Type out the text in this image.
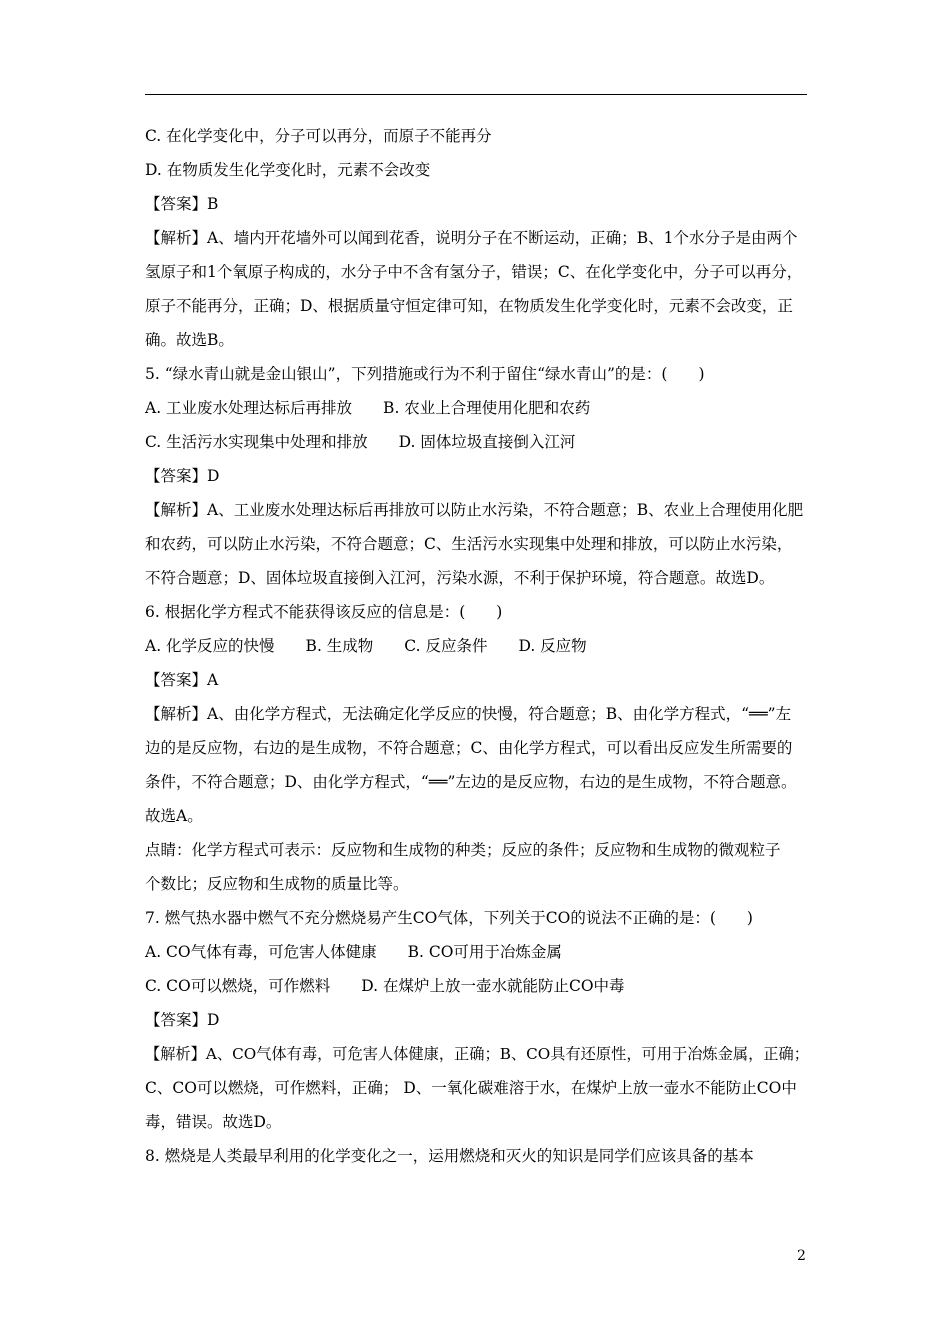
C. 在化学变化中，分子可以再分，而原子不能再分
D. 在物质发生化学变化时，元素不会改变
【答案】B
【解析】A、墙内开花墙外可以闻到花香，说明分子在不断运动，正确；B、1个水分子是由两个
氢原子和1个氧原子构成的，水分子中不含有氢分子，错误；C、在化学变化中，分子可以再分，
原子不能再分，正确；D、根据质量守恒定律可知，在物质发生化学变化时，元素不会改变，正
确。故选B。
5. “绿水青山就是金山银山”，下列措施或行为不利于留住“绿水青山”的是：(　　)
A. 工业废水处理达标后再排放　　B. 农业上合理使用化肥和农药
C. 生活污水实现集中处理和排放　　D. 固体垃圾直接倒入江河
【答案】D
【解析】A、工业废水处理达标后再排放可以防止水污染，不符合题意；B、农业上合理使用化肥
和农药，可以防止水污染，不符合题意；C、生活污水实现集中处理和排放，可以防止水污染，
不符合题意；D、固体垃圾直接倒入江河，污染水源，不利于保护环境，符合题意。故选D。
6. 根据化学方程式不能获得该反应的信息是：(　　)
A. 化学反应的快慢　　B. 生成物　　C. 反应条件　　D. 反应物
【答案】A
【解析】A、由化学方程式，无法确定化学反应的快慢，符合题意；B、由化学方程式，“══”左
边的是反应物，右边的是生成物，不符合题意；C、由化学方程式，可以看出反应发生所需要的
条件，不符合题意；D、由化学方程式，“══”左边的是反应物，右边的是生成物，不符合题意。
故选A。
点睛：化学方程式可表示：反应物和生成物的种类；反应的条件；反应物和生成物的微观粒子
个数比；反应物和生成物的质量比等。
7. 燃气热水器中燃气不充分燃烧易产生CO气体，下列关于CO的说法不正确的是：(　　)
A. CO气体有毒，可危害人体健康　　B. CO可用于冶炼金属
C. CO可以燃烧，可作燃料　　D. 在煤炉上放一壶水就能防止CO中毒
【答案】D
【解析】A、CO气体有毒，可危害人体健康，正确；B、CO具有还原性，可用于冶炼金属，正确；
C、CO可以燃烧，可作燃料，正确； D、一氧化碳难溶于水，在煤炉上放一壶水不能防止CO中
毒，错误。故选D。
8. 燃烧是人类最早利用的化学变化之一，运用燃烧和灭火的知识是同学们应该具备的基本
2
